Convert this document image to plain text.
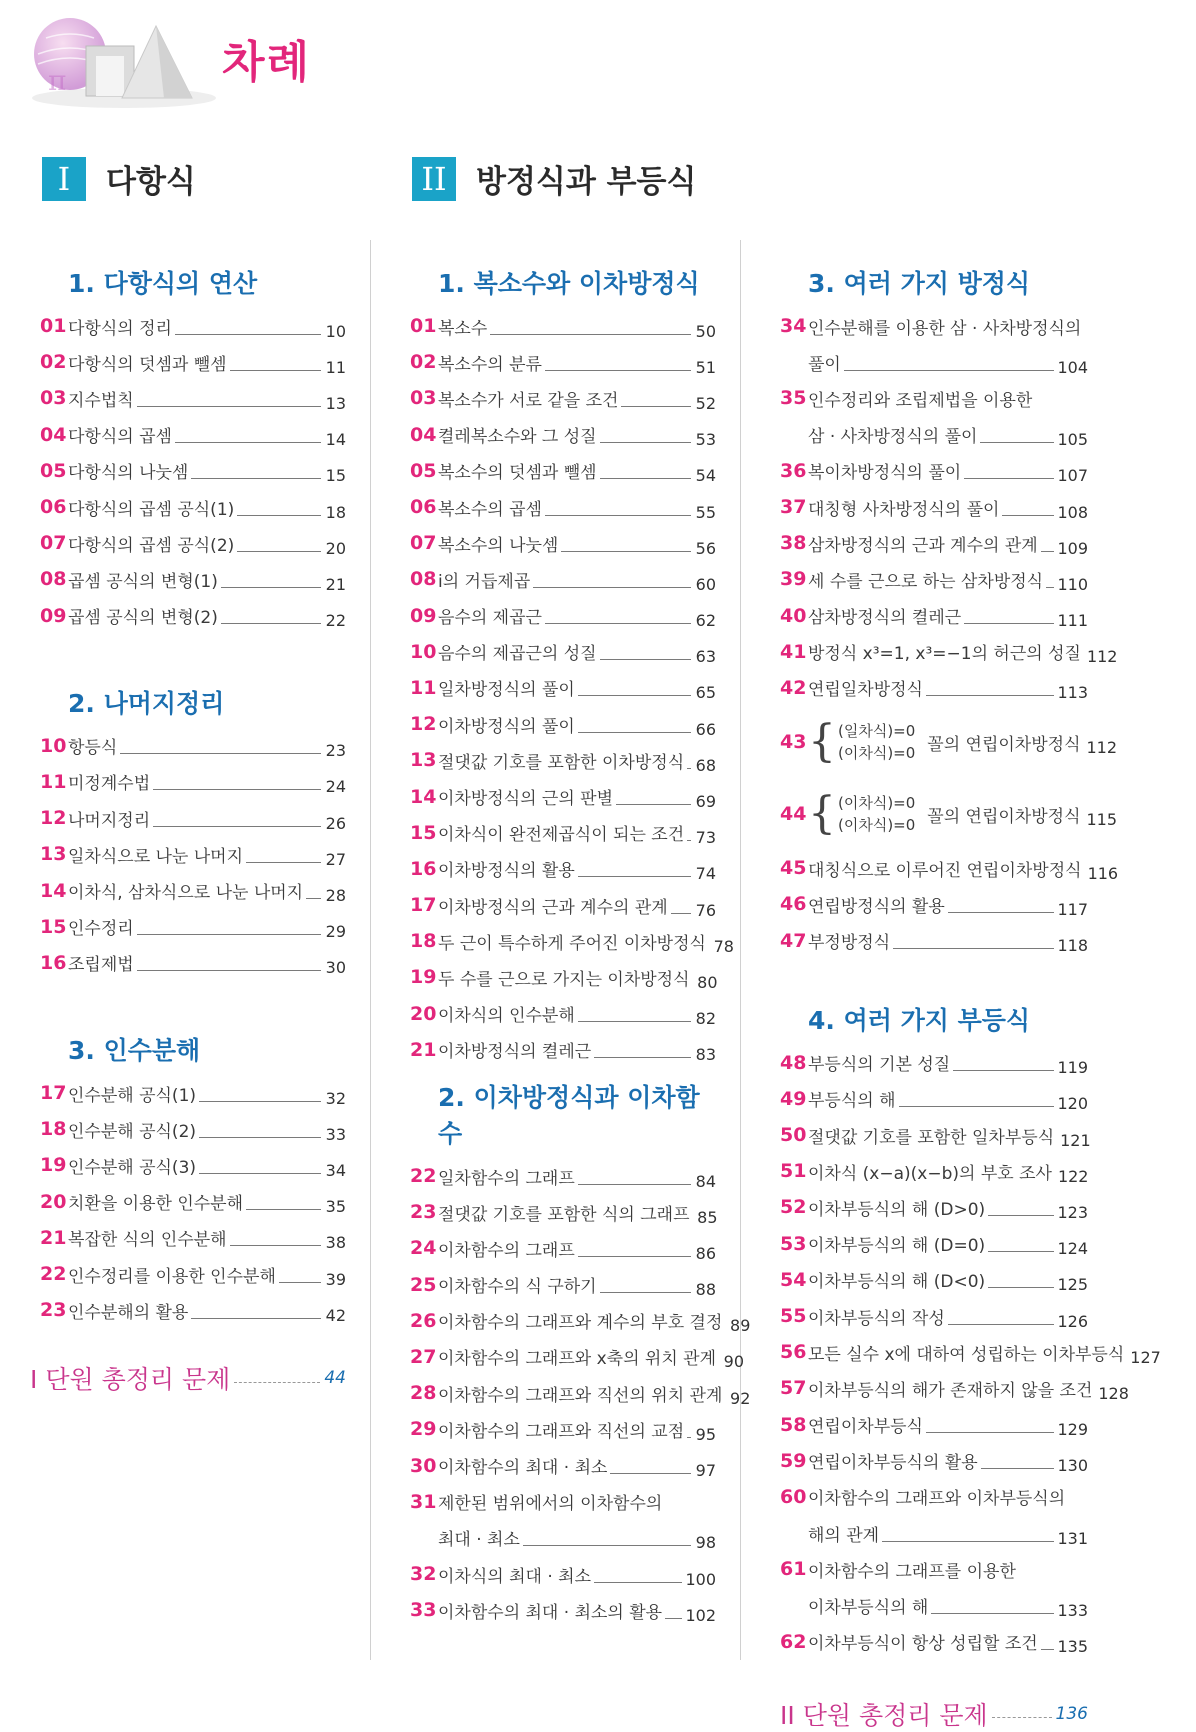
π	차례
I	다항식	II 방정식과 부등식
1. 다항식의 연산
01 다항식의 정리	10
02 다항식의 덧셈과 뺄셈	11
03 지수법칙	13
04 다항식의 곱셈	14
05 다항식의 나눗셈	15
06 다항식의 곱셈 공식(1)	18
07 다항식의 곱셈 공식(2)	20
08 곱셈 공식의 변형(1)	21
09 곱셈 공식의 변형(2)	22
2. 나머지정리
10 항등식	23
11 미정계수법	24
12 나머지정리	26
13 일차식으로 나눈 나머지	27
14 이차식, 삼차식으로 나눈 나머지 28
15 인수정리	29
16 조립제법	30
3. 인수분해
17 인수분해 공식(1)	32
18 인수분해 공식(2)	33
19 인수분해 공식(3)	34
20 치환을 이용한 인수분해	35
21 복잡한 식의 인수분해	38
22 인수정리를 이용한 인수분해	39
23 인수분해의 활용	42
I 단원 총정리 문제	44
1. 복소수와 이차방정식
01 복소수	50
02 복소수의 분류	51
03 복소수가 서로 같을 조건	52
04 켤레복소수와 그 성질	53
05 복소수의 덧셈과 뺄셈	54
06 복소수의 곱셈	55
07 복소수의 나눗셈	56
08 i의 거듭제곱	60
09 음수의 제곱근	62
10 음수의 제곱근의 성질	63
11 일차방정식의 풀이	65
12 이차방정식의 풀이	66
13 절댓값 기호를 포함한 이차방정식 68
14 이차방정식의 근의 판별	69
15 이차식이 완전제곱식이 되는 조건 73
16 이차방정식의 활용	74
17 이차방정식의 근과 계수의 관계 76
18 두 근이 특수하게 주어진 이차방정식 78
19 두 수를 근으로 가지는 이차방정식 80
20 이차식의 인수분해	82
21 이차방정식의 켤레근	83
2. 이차방정식과 이차함수
22 일차함수의 그래프	84
23 절댓값 기호를 포함한 식의 그래프 85
24 이차함수의 그래프	86
25 이차함수의 식 구하기	88
26 이차함수의 그래프와 계수의 부호 결정 89
27 이차함수의 그래프와 x축의 위치 관계 90
28 이차함수의 그래프와 직선의 위치 관계 92
29 이차함수의 그래프와 직선의 교점 95
30 이차함수의 최대 · 최소	97
31 제한된 범위에서의 이차함수의
최대 · 최소	98
32 이차식의 최대 · 최소	100
33 이차함수의 최대 · 최소의 활용 102
3. 여러 가지 방정식
34 인수분해를 이용한 삼 · 사차방정식의
풀이	104
35 인수정리와 조립제법을 이용한
삼 · 사차방정식의 풀이	105
36 복이차방정식의 풀이	107
37 대칭형 사차방정식의 풀이	108
38 삼차방정식의 근과 계수의 관계 109
39 세 수를 근으로 하는 삼차방정식 110
40 삼차방정식의 켤레근	111
41 방정식 x³=1, x³=−1의 허근의 성질 112
42 연립일차방정식	113
43 { (일차식)=0
(이차식)=0 꼴의 연립이차방정식 112
44 { (이차식)=0
(이차식)=0 꼴의 연립이차방정식 115
45 대칭식으로 이루어진 연립이차방정식 116
46 연립방정식의 활용	117
47 부정방정식	118
4. 여러 가지 부등식
48 부등식의 기본 성질	119
49 부등식의 해	120
50 절댓값 기호를 포함한 일차부등식 121
51 이차식 (x−a)(x−b)의 부호 조사 122
52 이차부등식의 해 (D>0)	123
53 이차부등식의 해 (D=0)	124
54 이차부등식의 해 (D<0)	125
55 이차부등식의 작성	126
56 모든 실수 x에 대하여 성립하는 이차부등식 127
57 이차부등식의 해가 존재하지 않을 조건 128
58 연립이차부등식	129
59 연립이차부등식의 활용	130
60 이차함수의 그래프와 이차부등식의
해의 관계	131
61 이차함수의 그래프를 이용한
이차부등식의 해	133
62 이차부등식이 항상 성립할 조건 135
II 단원 총정리 문제	136
